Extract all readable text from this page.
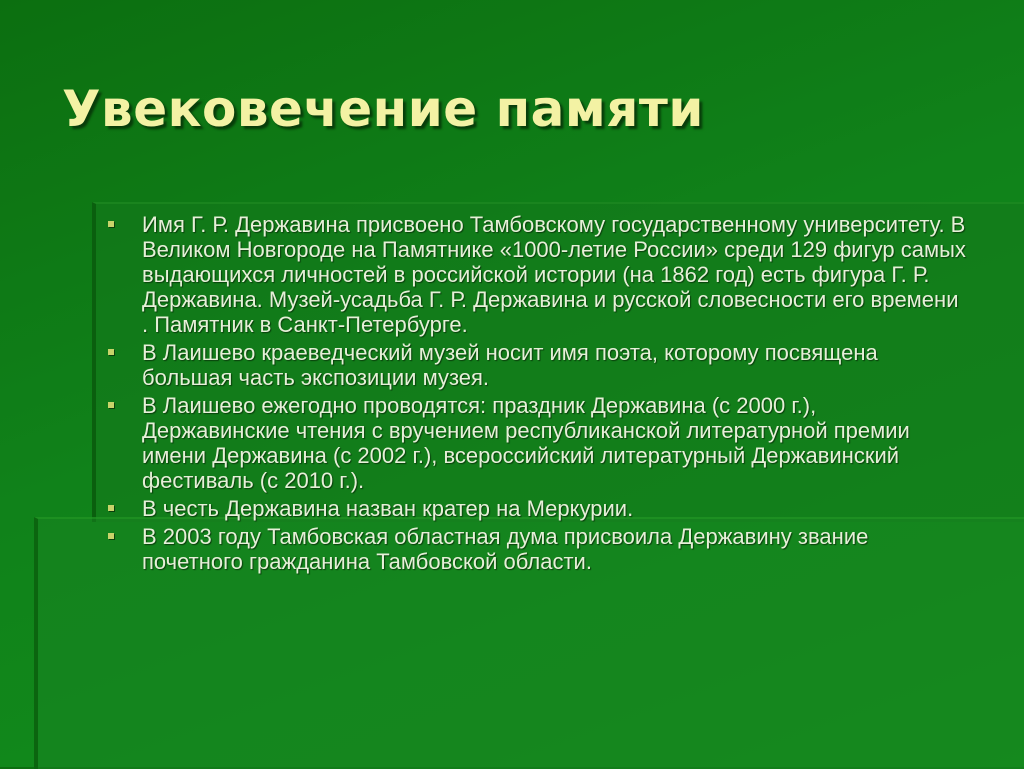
Увековечение памяти
Имя Г. Р. Державина присвоено Тамбовскому государственному университету. В Великом Новгороде на Памятнике «1000-летие России» среди 129 фигур самых выдающихся личностей в российской истории (на 1862 год) есть фигура Г. Р. Державина. Музей-усадьба Г. Р. Державина и русской словесности его времени . Памятник в Санкт-Петербурге.
В Лаишево краеведческий музей носит имя поэта, которому посвящена большая часть экспозиции музея.
В Лаишево ежегодно проводятся: праздник Державина (с 2000 г.), Державинские чтения с вручением республиканской литературной премии имени Державина (с 2002 г.), всероссийский литературный Державинский фестиваль (с 2010 г.).
В честь Державина назван кратер на Меркурии.
В 2003 году Тамбовская областная дума присвоила Державину звание почетного гражданина Тамбовской области.
